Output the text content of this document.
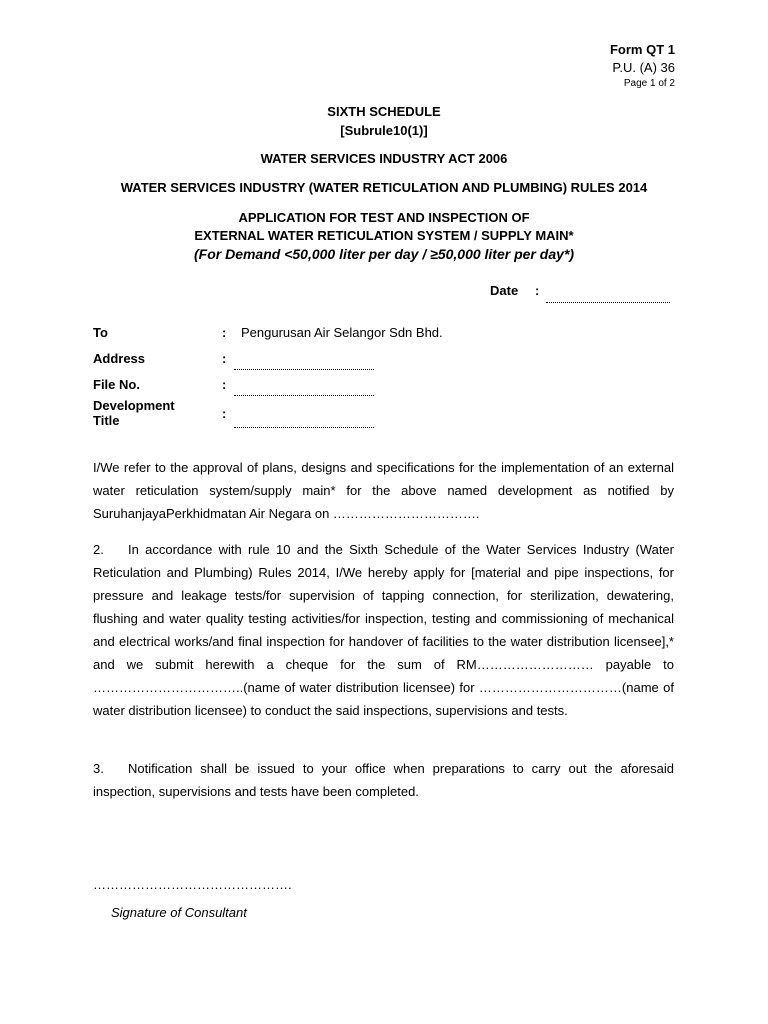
Form QT 1
P.U. (A) 36
Page 1 of 2
SIXTH SCHEDULE
[Subrule10(1)]
WATER SERVICES INDUSTRY ACT 2006
WATER SERVICES INDUSTRY (WATER RETICULATION AND PLUMBING) RULES 2014
APPLICATION FOR TEST AND INSPECTION OF
EXTERNAL WATER RETICULATION SYSTEM / SUPPLY MAIN*
(For Demand <50,000 liter per day / ≥50,000 liter per day*)
Date :
To	: Pengurusan Air Selangor Sdn Bhd.
Address	:
File No.	:
Development
Title	:
I/We refer to the approval of plans, designs and specifications for the implementation of an external water reticulation system/supply main* for the above named development as notified by SuruhanjayaPerkhidmatan Air Negara on …………………………….
2. In accordance with rule 10 and the Sixth Schedule of the Water Services Industry (Water Reticulation and Plumbing) Rules 2014, I/We hereby apply for [material and pipe inspections, for pressure and leakage tests/for supervision of tapping connection, for sterilization, dewatering, flushing and water quality testing activities/for inspection, testing and commissioning of mechanical and electrical works/and final inspection for handover of facilities to the water distribution licensee],* and we submit herewith a cheque for the sum of RM……………………… payable to ……………………………..(name of water distribution licensee) for ……………………………(name of water distribution licensee) to conduct the said inspections, supervisions and tests.
3. Notification shall be issued to your office when preparations to carry out the aforesaid inspection, supervisions and tests have been completed.
……………………………………….
Signature of Consultant
